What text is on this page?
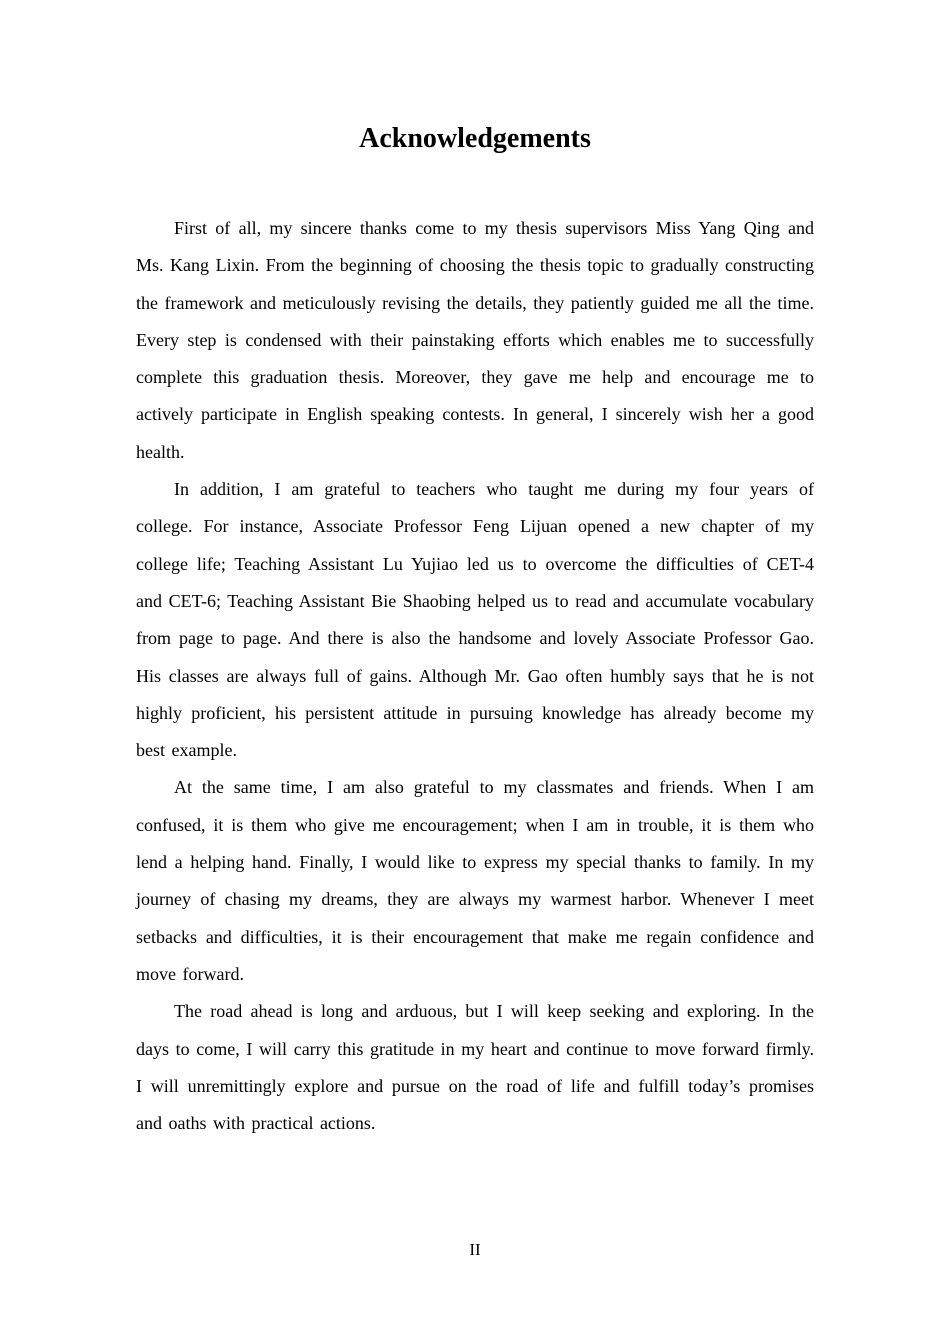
Acknowledgements

First of all, my sincere thanks come to my thesis supervisors Miss Yang Qing and Ms. Kang Lixin. From the beginning of choosing the thesis topic to gradually constructing the framework and meticulously revising the details, they patiently guided me all the time. Every step is condensed with their painstaking efforts which enables me to successfully complete this graduation thesis. Moreover, they gave me help and encourage me to actively participate in English speaking contests. In general, I sincerely wish her a good health.

In addition, I am grateful to teachers who taught me during my four years of college. For instance, Associate Professor Feng Lijuan opened a new chapter of my college life; Teaching Assistant Lu Yujiao led us to overcome the difficulties of CET-4 and CET-6; Teaching Assistant Bie Shaobing helped us to read and accumulate vocabulary from page to page. And there is also the handsome and lovely Associate Professor Gao. His classes are always full of gains. Although Mr. Gao often humbly says that he is not highly proficient, his persistent attitude in pursuing knowledge has already become my best example.

At the same time, I am also grateful to my classmates and friends. When I am confused, it is them who give me encouragement; when I am in trouble, it is them who lend a helping hand. Finally, I would like to express my special thanks to family. In my journey of chasing my dreams, they are always my warmest harbor. Whenever I meet setbacks and difficulties, it is their encouragement that make me regain confidence and move forward.

The road ahead is long and arduous, but I will keep seeking and exploring. In the days to come, I will carry this gratitude in my heart and continue to move forward firmly. I will unremittingly explore and pursue on the road of life and fulfill today’s promises and oaths with practical actions.

II
